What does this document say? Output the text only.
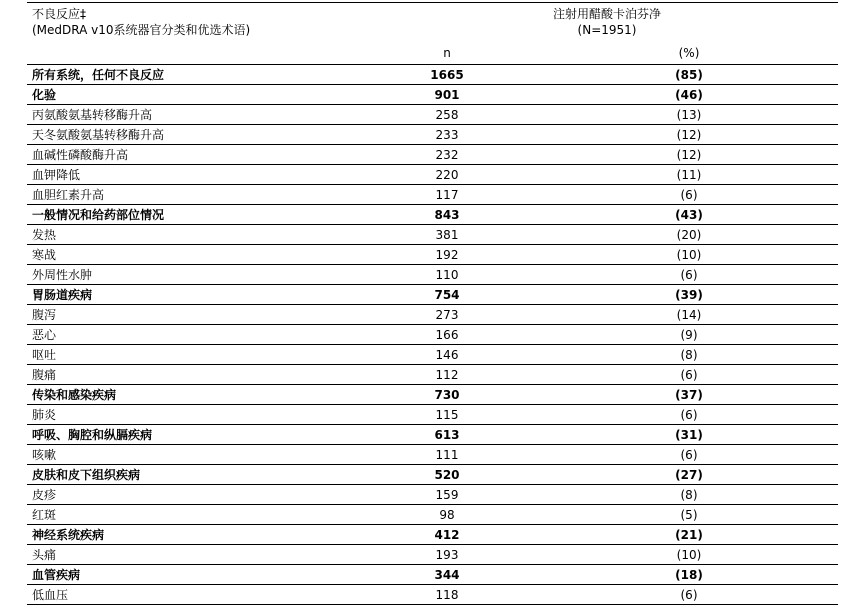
不良反应‡
(MedDRA v10系统器官分类和优选术语)
注射用醋酸卡泊芬净
(N=1951)
n	(%)
所有系统，任何不良反应	1665		(85)	
化验	901		(46)	
丙氨酸氨基转移酶升高	258		(13)	
天冬氨酸氨基转移酶升高	233		(12)	
血碱性磷酸酶升高	232		(12)	
血钾降低	220		(11)	
血胆红素升高	117		(6)	
一般情况和给药部位情况	843		(43)	
发热	381		(20)	
寒战	192		(10)	
外周性水肿	110		(6)	
胃肠道疾病	754		(39)	
腹泻	273		(14)	
恶心	166		(9)	
呕吐	146		(8)	
腹痛	112		(6)	
传染和感染疾病	730		(37)	
肺炎	115		(6)	
呼吸、胸腔和纵膈疾病	613		(31)	
咳嗽	111		(6)	
皮肤和皮下组织疾病	520		(27)	
皮疹	159		(8)	
红斑	98		(5)	
神经系统疾病	412		(21)	
头痛	193		(10)	
血管疾病	344		(18)	
低血压	118		(6)	
